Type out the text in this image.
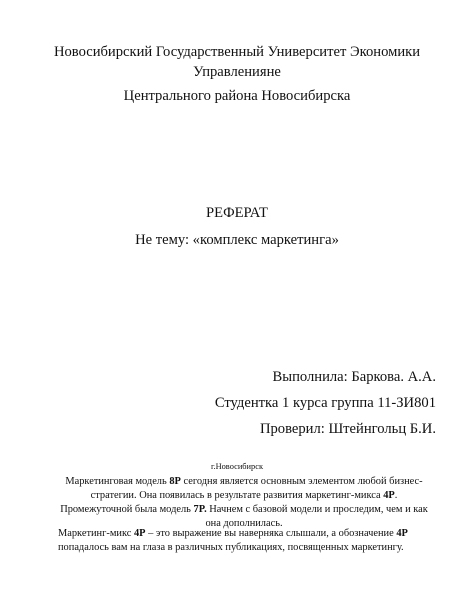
Новосибирский Государственный Университет Экономики
Управленияне
Центрального района Новосибирска
РЕФЕРАТ
Не тему: «комплекс маркетинга»
Выполнила: Баркова. А.А.
Студентка 1 курса группа 11-ЗИ801
Проверил: Штейнгольц Б.И.
г.Новосибирск
Маркетинговая модель 8P сегодня является основным элементом любой бизнес-стратегии. Она появилась в результате развития маркетинг-микса 4P. Промежуточной была модель 7P. Начнем с базовой модели и проследим, чем и как она дополнилась.
Маркетинг-микс 4P – это выражение вы наверняка слышали, а обозначение 4P попадалось вам на глаза в различных публикациях, посвященных маркетингу.
